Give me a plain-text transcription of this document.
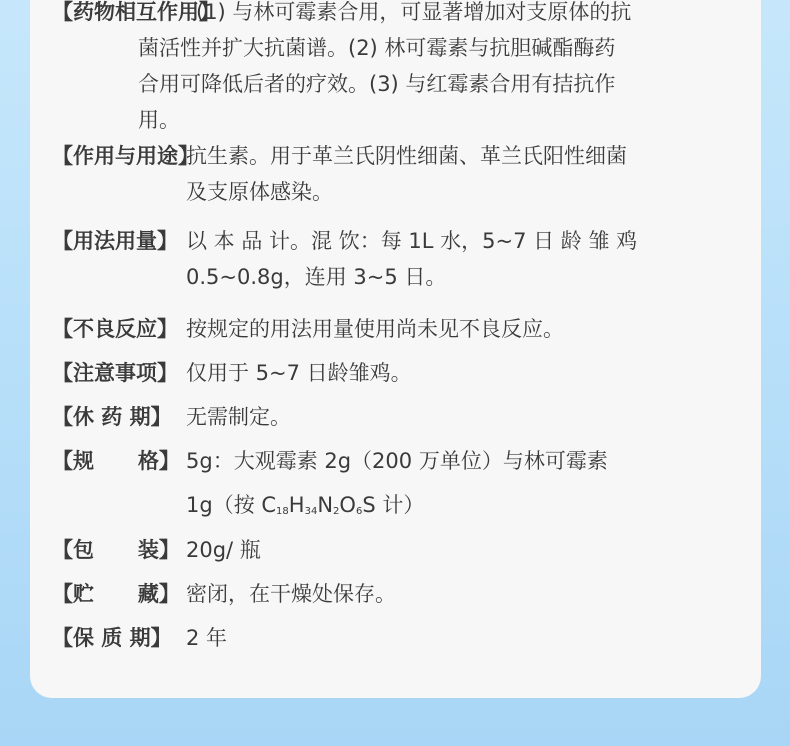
【药物相互作用】
(1) 与林可霉素合用，可显著增加对支原体的抗
菌活性并扩大抗菌谱。(2) 林可霉素与抗胆碱酯酶药
合用可降低后者的疗效。(3) 与红霉素合用有拮抗作
用。
【作用与用途】
抗生素。用于革兰氏阴性细菌、革兰氏阳性细菌
及支原体感染。
【用法用量】 以 本 品 计。混 饮：每 1L 水，5~7 日 龄 雏 鸡
0.5~0.8g，连用 3~5 日。
【不良反应】 按规定的用法用量使用尚未见不良反应。
【注意事项】 仅用于 5~7 日龄雏鸡。
【休 药 期】 无需制定。
【规      格】 5g：大观霉素 2g（200 万单位）与林可霉素
1g（按 $C_{18}H_{34}N_2O_6S$ 计）
【包      装】 20g/ 瓶
【贮      藏】 密闭，在干燥处保存。
【保 质 期】 2 年
